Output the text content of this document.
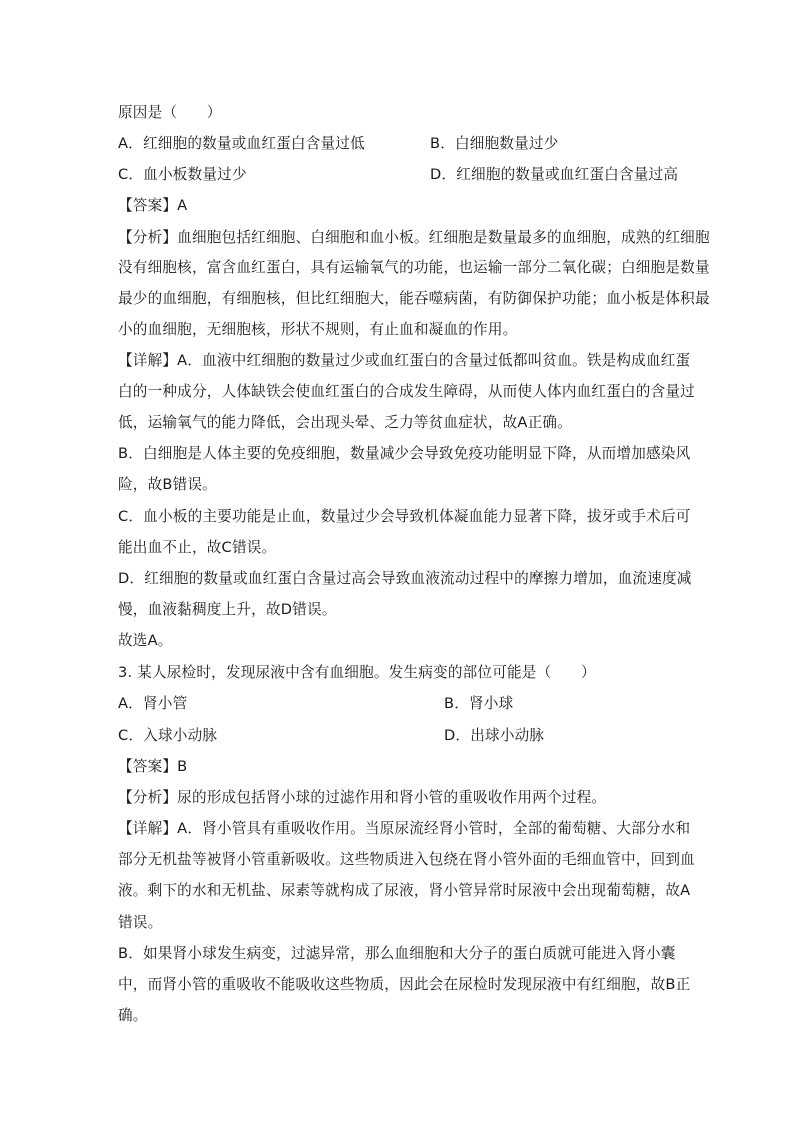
原因是（　　）
A．红细胞的数量或血红蛋白含量过低	B．白细胞数量过少
C．血小板数量过少	D．红细胞的数量或血红蛋白含量过高
【答案】A
【分析】血细胞包括红细胞、白细胞和血小板。红细胞是数量最多的血细胞，成熟的红细胞
没有细胞核，富含血红蛋白，具有运输氧气的功能，也运输一部分二氧化碳；白细胞是数量
最少的血细胞，有细胞核，但比红细胞大，能吞噬病菌，有防御保护功能；血小板是体积最
小的血细胞，无细胞核，形状不规则，有止血和凝血的作用。
【详解】A．血液中红细胞的数量过少或血红蛋白的含量过低都叫贫血。铁是构成血红蛋
白的一种成分，人体缺铁会使血红蛋白的合成发生障碍，从而使人体内血红蛋白的含量过
低，运输氧气的能力降低，会出现头晕、乏力等贫血症状，故A正确。
B．白细胞是人体主要的免疫细胞，数量减少会导致免疫功能明显下降，从而增加感染风
险，故B错误。
C．血小板的主要功能是止血，数量过少会导致机体凝血能力显著下降，拔牙或手术后可
能出血不止，故C错误。
D．红细胞的数量或血红蛋白含量过高会导致血液流动过程中的摩擦力增加，血流速度减
慢，血液黏稠度上升，故D错误。
故选A。
3. 某人尿检时，发现尿液中含有血细胞。发生病变的部位可能是（　　）
A．肾小管	B．肾小球
C．入球小动脉	D．出球小动脉
【答案】B
【分析】尿的形成包括肾小球的过滤作用和肾小管的重吸收作用两个过程。
【详解】A．肾小管具有重吸收作用。当原尿流经肾小管时，全部的葡萄糖、大部分水和
部分无机盐等被肾小管重新吸收。这些物质进入包绕在肾小管外面的毛细血管中，回到血
液。剩下的水和无机盐、尿素等就构成了尿液，肾小管异常时尿液中会出现葡萄糖，故A
错误。
B．如果肾小球发生病变，过滤异常，那么血细胞和大分子的蛋白质就可能进入肾小囊
中，而肾小管的重吸收不能吸收这些物质，因此会在尿检时发现尿液中有红细胞，故B正
确。
